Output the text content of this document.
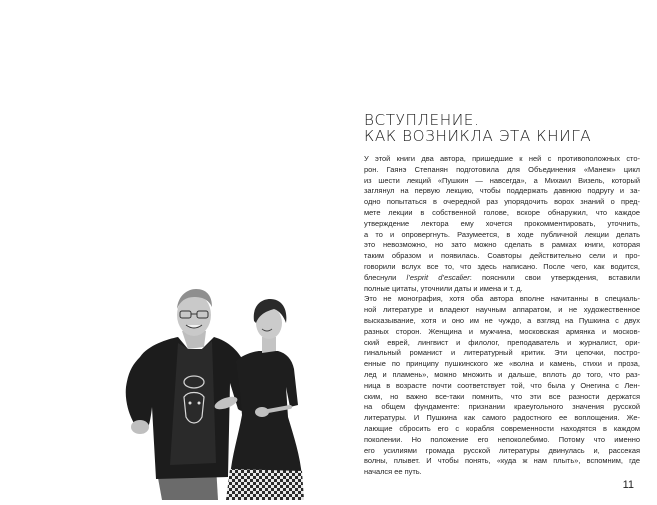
ВСТУПЛЕНИЕ.
КАК ВОЗНИКЛА ЭТА КНИГА
У этой книги два автора, пришедшие к ней с противоположных сто-
рон. Гаянэ Степанян подготовила для Объединения «Манеж» цикл
из шести лекций «Пушкин — навсегда», а Михаил Визель, который
заглянул на первую лекцию, чтобы поддержать давнюю подругу и за-
одно попытаться в очередной раз упорядочить ворох знаний о пред-
мете лекции в собственной голове, вскоре обнаружил, что каждое
утверждение лектора ему хочется прокомментировать, уточнить,
а то и опровергнуть. Разумеется, в ходе публичной лекции делать
это невозможно, но зато можно сделать в рамках книги, которая
таким образом и появилась. Соавторы действительно сели и про-
говорили вслух все то, что здесь написано. После чего, как водится,
блеснули l’esprit d’escalier: пояснили свои утверждения, вставили
полные цитаты, уточнили даты и имена и т. д.
Это не монография, хотя оба автора вполне начитанны в специаль-
ной литературе и владеют научным аппаратом, и не художественное
высказывание, хотя и оно им не чуждо, а взгляд на Пушкина с двух
разных сторон. Женщина и мужчина, московская армянка и москов-
ский еврей, лингвист и филолог, преподаватель и журналист, ори-
гинальный романист и литературный критик. Эти цепочки, постро-
енные по принципу пушкинского же «волна и камень, стихи и проза,
лед и пламень», можно множить и дальше, вплоть до того, что раз-
ница в возрасте почти соответствует той, что была у Онегина с Лен-
ским, но важно все-таки помнить, что эти все разности держатся
на общем фундаменте: признании краеугольного значения русской
литературы. И Пушкина как самого радостного ее воплощения. Же-
лающие сбросить его с корабля современности находятся в каждом
поколении. Но положение его непоколебимо. Потому что именно
его усилиями громада русской литературы двинулась и, рассекая
волны, плывет. И чтобы понять, «куда ж нам плыть», вспомним, где
начался ее путь.
11
